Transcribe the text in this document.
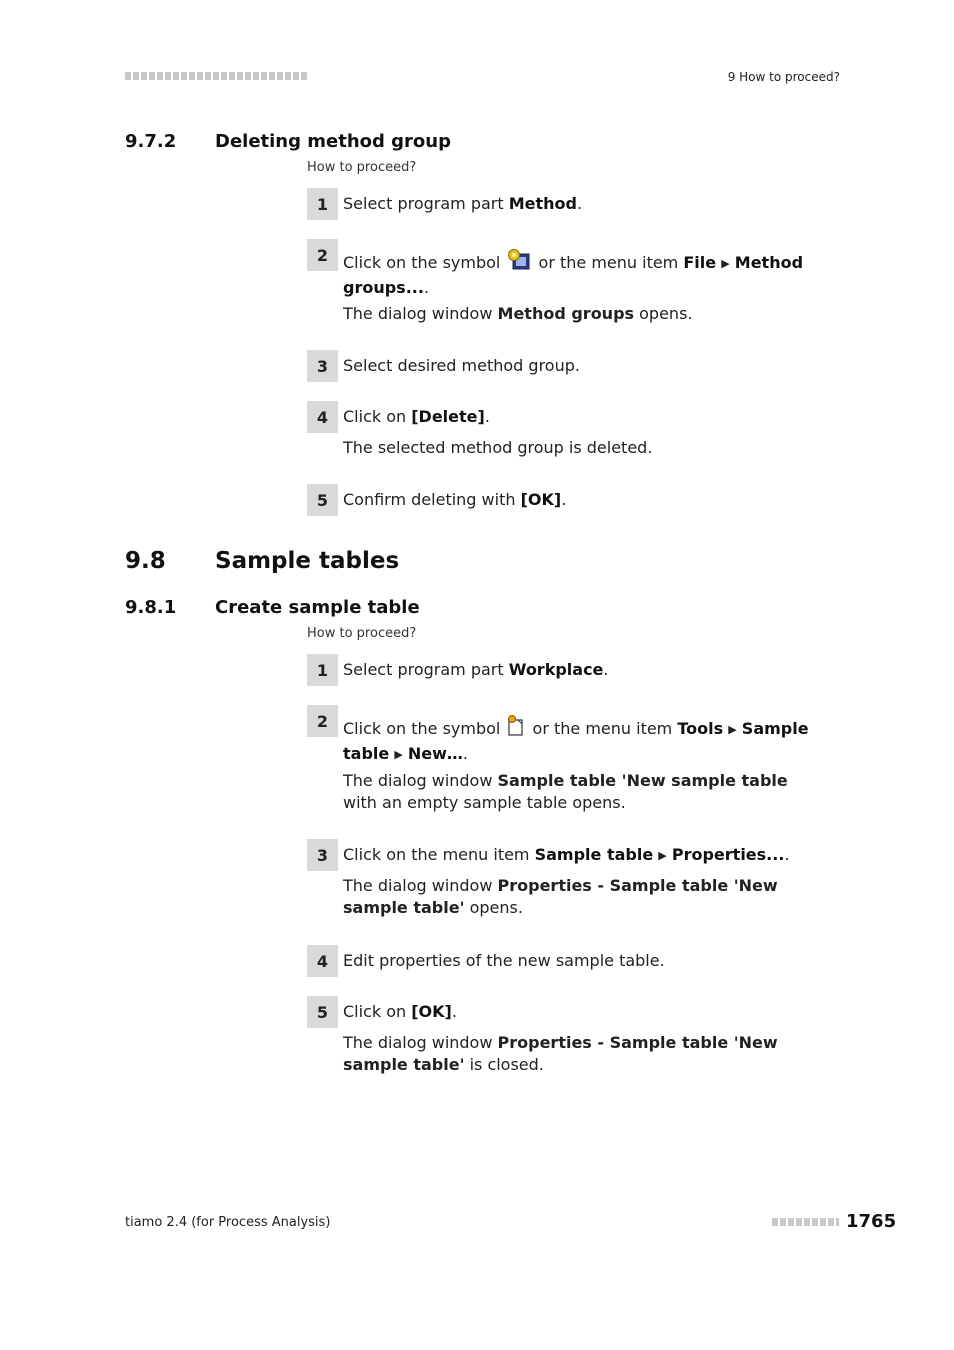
9 How to proceed?
9.7.2 Deleting method group
How to proceed?
1 Select program part Method.
2 Click on the symbol  or the menu item File ▶ Method groups....
The dialog window Method groups opens.
3 Select desired method group.
4 Click on [Delete].
The selected method group is deleted.
5 Confirm deleting with [OK].
9.8 Sample tables
9.8.1 Create sample table
How to proceed?
1 Select program part Workplace.
2 Click on the symbol  or the menu item Tools ▶ Sample table ▶ New….
The dialog window Sample table 'New sample table with an empty sample table opens.
3 Click on the menu item Sample table ▶ Properties....
The dialog window Properties - Sample table 'New sample table' opens.
4 Edit properties of the new sample table.
5 Click on [OK].
The dialog window Properties - Sample table 'New sample table' is closed.
tiamo 2.4 (for Process Analysis)	1765
